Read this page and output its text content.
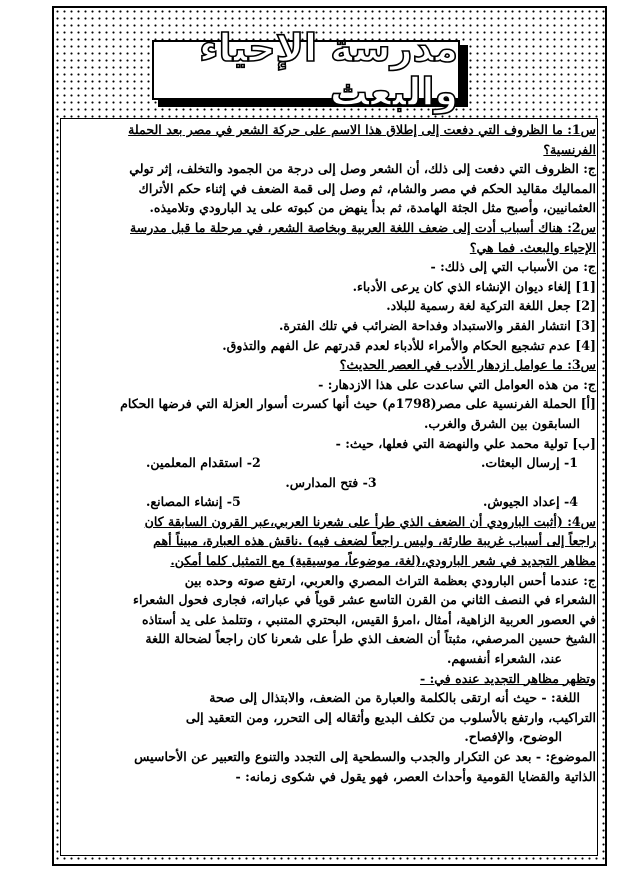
مدرسة الإحياء والبعث

س1: ما الظروف التي دفعت إلى إطلاق هذا الاسم على حركة الشعر في مصر بعد الحملة

الفرنسية؟

ج: الظروف التي دفعت إلى ذلك، أن الشعر وصل إلى درجة من الجمود والتخلف، إثر تولي

المماليك مقاليد الحكم في مصر والشام، ثم وصل إلى قمة الضعف في إثناء حكم الأتراك

العثمانيين، وأصبح مثل الجثة الهامدة، ثم بدأ ينهض من كبوته على يد البارودي وتلاميذه.

س2: هناك أسباب أدت إلى ضعف اللغة العربية وبخاصة الشعر، في مرحلة ما قبل مدرسة

الإحياء والبعث. فما هي؟

ج: من الأسباب التي إلى ذلك: -

[1] إلغاء ديوان الإنشاء الذي كان يرعى الأدباء.

[2] جعل اللغة التركية لغة رسمية للبلاد.

[3] انتشار الفقر والاستبداد وفداحة الضرائب في تلك الفترة.

[4] عدم تشجيع الحكام والأمراء للأدباء لعدم قدرتهم عل الفهم والتذوق.

س3: ما عوامل ازدهار الأدب في العصر الحديث؟

ج: من هذه العوامل التي ساعدت على هذا الازدهار: -

[أ] الحملة الفرنسية على مصر(1798م) حيث أنها كسرت أسوار العزلة التي فرضها الحكام

السابقون بين الشرق والغرب.

[ب] تولية محمد علي والنهضة التي فعلها، حيث: -

1- إرسال البعثات.
2- استقدام المعلمين.

3- فتح المدارس.

4- إعداد الجيوش.
5- إنشاء المصانع.

س4: (أثبت البارودي أن الضعف الذي طرأ على شعرنا العربي،عبر القرون السابقة كان

راجعاً إلى أسباب غريبة طارئة، وليس راجعاً لضعف فيه) .ناقش هذه العبارة، مبيناً أهم

مظاهر التجديد في شعر البارودي،(لغة، موضوعاً، موسيقية) مع التمثيل كلما أمكن.

ج: عندما أحس البارودي بعظمة التراث المصري والعربي، ارتفع صوته وحده بين

الشعراء في النصف الثاني من القرن التاسع عشر قوياً في عباراته، فجارى فحول الشعراء

في العصور العربية الزاهية، أمثال ،امرؤ القيس، البحتري المتنبي ، وتتلمذ على يد أستاذه

الشيخ حسين المرصفي، مثبتاً أن الضعف الذي طرأ على شعرنا كان راجعاً لضحالة اللغة

عند، الشعراء أنفسهم.

وتظهر مظاهر التجديد عنده في: -

اللغة: - حيث أنه ارتقى بالكلمة والعبارة من الضعف، والابتذال إلى صحة

التراكيب، وارتفع بالأسلوب من تكلف البديع وأثقاله إلى التحرر، ومن التعقيد إلى

الوضوح، والإفصاح.

الموضوع: - بعد عن التكرار والجدب والسطحية إلى التجدد والتنوع والتعبير عن الأحاسيس

الذاتية والقضايا القومية وأحداث العصر، فهو يقول في شكوى زمانه: -
